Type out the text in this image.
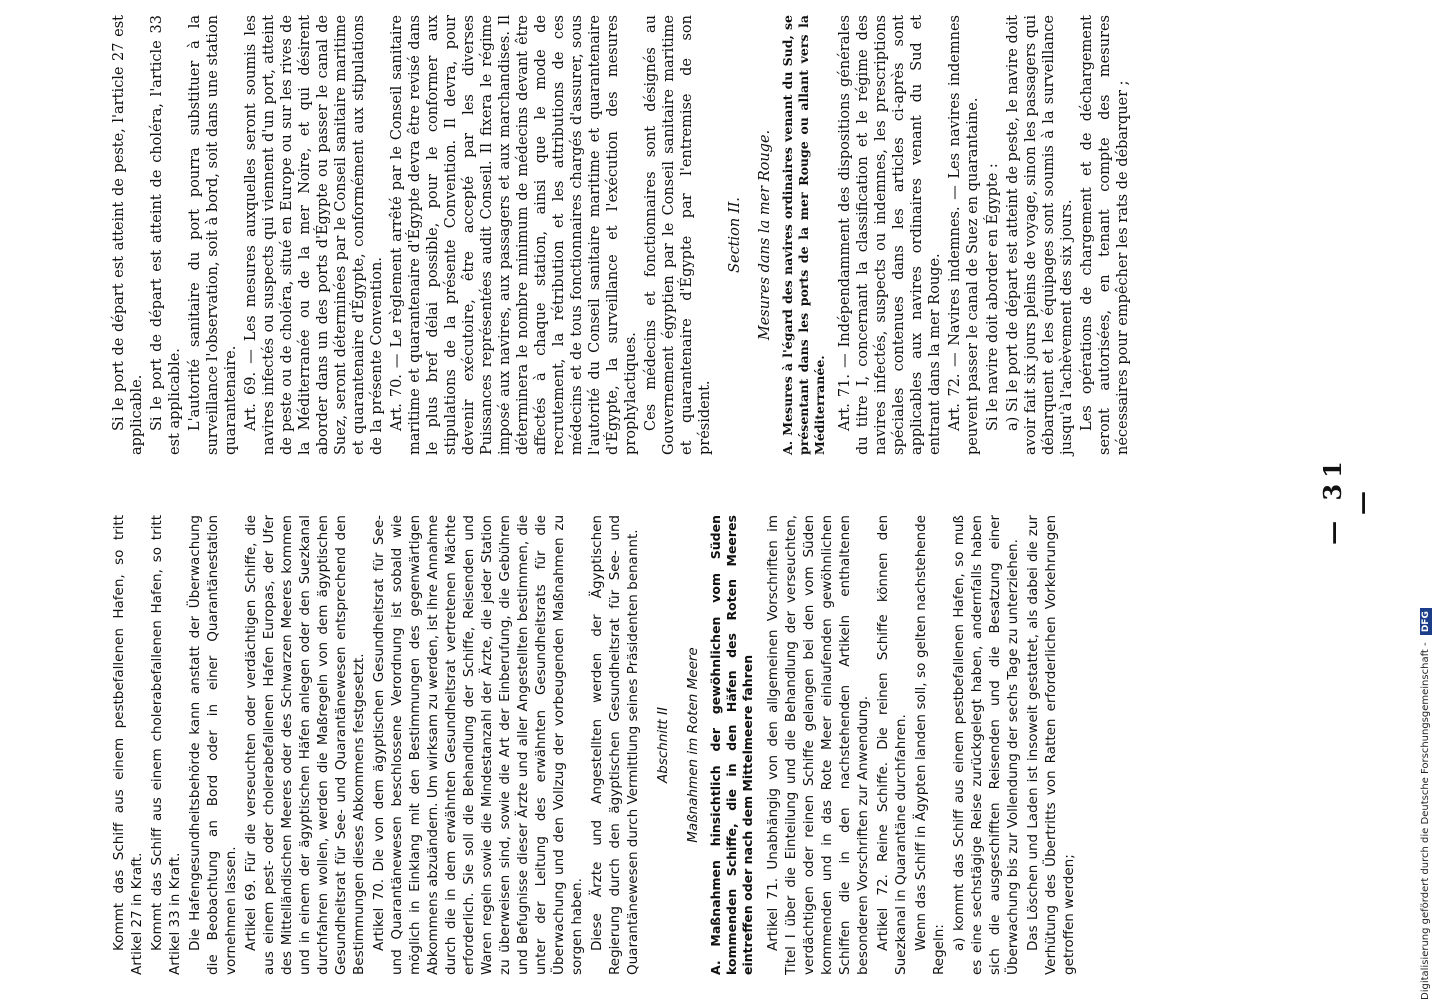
— 31 —

Si le port de départ est atteint de peste, l'article 27 est applicable. Si le port de départ est atteint de choléra, l'article 33 est applicable. L'autorité sanitaire du port pourra substituer à la surveillance l'observation, soit à bord, soit dans une station quarantenaire. Art. 69. — Les mesures auxquelles seront soumis les navires infectés ou suspects qui viennent d'un port, atteint de peste ou de choléra, situé en Europe ou sur les rives de la Méditerranée ou de la mer Noire, et qui désirent aborder dans un des ports d'Égypte ou passer le canal de Suez, seront déterminées par le Conseil sanitaire maritime et quarantenaire d'Égypte, conformément aux stipulations de la présente Convention. Art. 70. — Le règlement arrêté par le Conseil sanitaire maritime et quarantenaire d'Égypte devra être revisé dans le plus bref délai possible, pour le conformer aux stipulations de la présente Convention. Il devra, pour devenir exécutoire, être accepté par les diverses Puissances représentées audit Conseil. Il fixera le régime imposé aux navires, aux passagers et aux marchandises. Il déterminera le nombre minimum de médecins devant être affectés à chaque station, ainsi que le mode de recrutement, la rétribution et les attributions de ces médecins et de tous fonctionnaires chargés d'assurer, sous l'autorité du Conseil sanitaire maritime et quarantenaire d'Égypte, la surveillance et l'exécution des mesures prophylactiques. Ces médecins et fonctionnaires sont désignés au Gouvernement égyptien par le Conseil sanitaire maritime et quarantenaire d'Égypte par l'entremise de son président.

Section II. Mesures dans la mer Rouge. A. Mesures à l'égard des navires ordinaires venant du Sud, se présentant dans les ports de la mer Rouge ou allant vers la Méditerranée. Art. 71. — Indépendamment des dispositions générales du titre I, concernant la classification et le régime des navires infectés, suspects ou indemnes, les prescriptions spéciales contenues dans les articles ci-après sont applicables aux navires ordinaires venant du Sud et entrant dans la mer Rouge. Art. 72. — Navires indemnes. — Les navires indemnes peuvent passer le canal de Suez en quarantaine. Si le navire doit aborder en Égypte : a) Si le port de départ est atteint de peste, le navire doit avoir fait six jours pleins de voyage, sinon les passagers qui débarquent et les équipages sont soumis à la surveillance jusqu'à l'achèvement des six jours. Les opérations de chargement et de déchargement seront autorisées, en tenant compte des mesures nécessaires pour empêcher les rats de débarquer ;

Kommt das Schiff aus einem pestbefallenen Hafen, so tritt Artikel 27 in Kraft. Kommt das Schiff aus einem cholerabefallenen Hafen, so tritt Artikel 33 in Kraft. Die Hafengesundheitsbehörde kann anstatt der Überwachung die Beobachtung an Bord oder in einer Quarantänestation vornehmen lassen. Artikel 69. Für die verseuchten oder verdächtigen Schiffe, die aus einem pest- oder cholerabefallenen Hafen Europas, der Ufer des Mittelländischen Meeres oder des Schwarzen Meeres kommen und in einem der ägyptischen Häfen anlegen oder den Suezkanal durchfahren wollen, werden die Maßregeln von dem ägyptischen Gesundheitsrat für See- und Quarantänewesen entsprechend den Bestimmungen dieses Abkommens festgesetzt. Artikel 70. Die von dem ägyptischen Gesundheitsrat für See- und Quarantänewesen beschlossene Verordnung ist sobald wie möglich in Einklang mit den Bestimmungen des gegenwärtigen Abkommens abzuändern. Um wirksam zu werden, ist ihre Annahme durch die in dem erwähnten Gesundheitsrat vertretenen Mächte erforderlich. Sie soll die Behandlung der Schiffe, Reisenden und Waren regeln sowie die Mindestanzahl der Ärzte, die jeder Station zu überweisen sind, sowie die Art der Einberufung, die Gebühren und Befugnisse dieser Ärzte und aller Angestellten bestimmen, die unter der Leitung des erwähnten Gesundheitsrats für die Überwachung und den Vollzug der vorbeugenden Maßnahmen zu sorgen haben. Diese Ärzte und Angestellten werden der Ägyptischen Regierung durch den ägyptischen Gesundheitsrat für See- und Quarantänewesen durch Vermittlung seines Präsidenten benannt. Abschnitt II Maßnahmen im Roten Meere A. Maßnahmen hinsichtlich der gewöhnlichen vom Süden kommenden Schiffe, die in den Häfen des Roten Meeres eintreffen oder nach dem Mittelmeere fahren Artikel 71. Unabhängig von den allgemeinen Vorschriften im Titel I über die Einteilung und die Behandlung der verseuchten, verdächtigen oder reinen Schiffe gelangen bei den vom Süden kommenden und in das Rote Meer einlaufenden gewöhnlichen Schiffen die in den nachstehenden Artikeln enthaltenen besonderen Vorschriften zur Anwendung. Artikel 72. Reine Schiffe. Die reinen Schiffe können den Suezkanal in Quarantäne durchfahren. Wenn das Schiff in Ägypten landen soll, so gelten nachstehende Regeln: a) kommt das Schiff aus einem pestbefallenen Hafen, so muß es eine sechstägige Reise zurückgelegt haben, andernfalls haben sich die ausgeschifften Reisenden und die Besatzung einer Überwachung bis zur Vollendung der sechs Tage zu unterziehen. Das Löschen und Laden ist insoweit gestattet, als dabei die zur Verhütung des Übertritts von Ratten erforderlichen Vorkehrungen getroffen werden;	Digitalisierung gefördert durch die Deutsche Forschungsgemeinschaft - DFG
